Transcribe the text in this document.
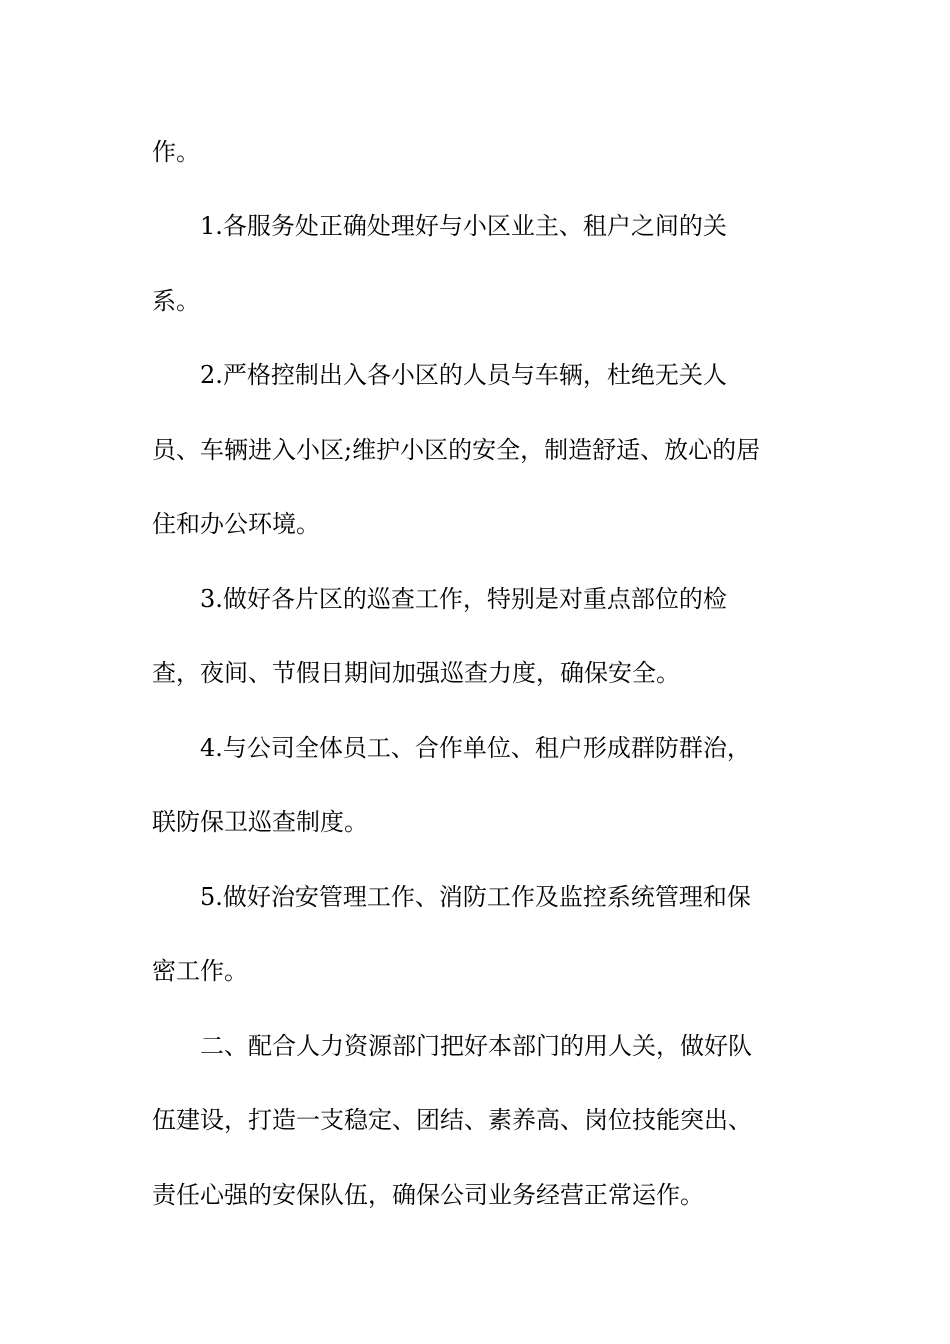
作。
1.各服务处正确处理好与小区业主、租户之间的关
系。
2.严格控制出入各小区的人员与车辆，杜绝无关人
员、车辆进入小区;维护小区的安全，制造舒适、放心的居
住和办公环境。
3.做好各片区的巡查工作，特别是对重点部位的检
查，夜间、节假日期间加强巡查力度，确保安全。
4.与公司全体员工、合作单位、租户形成群防群治，
联防保卫巡查制度。
5.做好治安管理工作、消防工作及监控系统管理和保
密工作。
二、配合人力资源部门把好本部门的用人关，做好队
伍建设，打造一支稳定、团结、素养高、岗位技能突出、
责任心强的安保队伍，确保公司业务经营正常运作。
